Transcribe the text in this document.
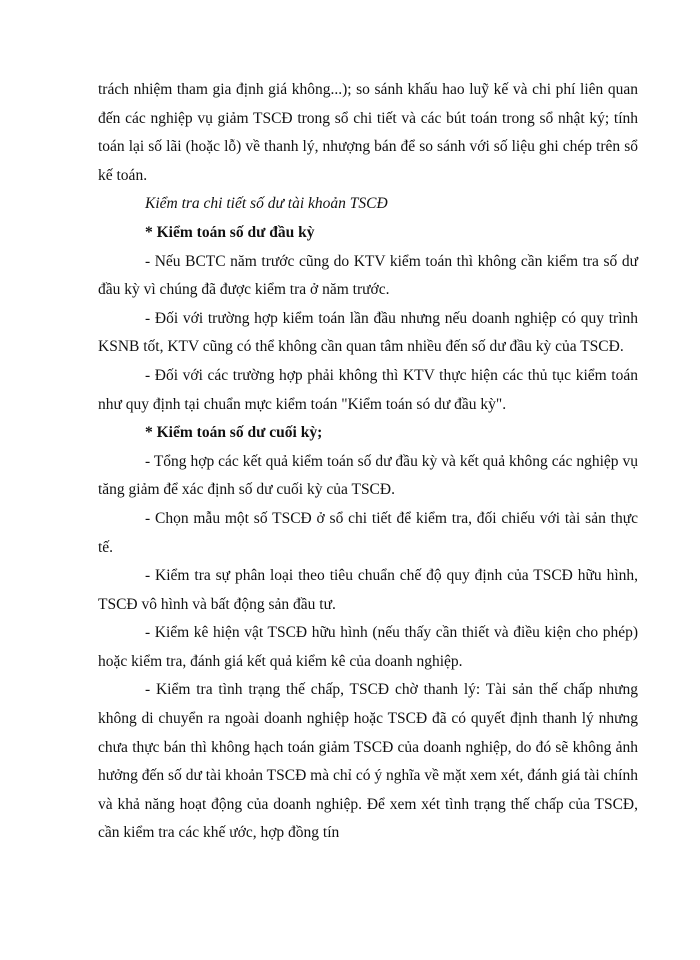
trách nhiệm tham gia định giá không...); so sánh khấu hao luỹ kế và chi phí liên quan đến các nghiệp vụ giảm TSCĐ trong sổ chi tiết và các bút toán trong sổ nhật ký; tính toán lại số lãi (hoặc lỗ) về thanh lý, nhượng bán để so sánh với số liệu ghi chép trên sổ kế toán.

Kiểm tra chi tiết số dư tài khoản TSCĐ

* Kiểm toán số dư đầu kỳ

- Nếu BCTC năm trước cũng do KTV kiểm toán thì không cần kiểm tra số dư đầu kỳ vì chúng đã được kiểm tra ở năm trước.

- Đối với trường hợp kiểm toán lần đầu nhưng nếu doanh nghiệp có quy trình KSNB tốt, KTV cũng có thể không cần quan tâm nhiều đến số dư đầu kỳ của TSCĐ.

- Đối với các trường hợp phải không thì KTV thực hiện các thủ tục kiểm toán như quy định tại chuẩn mực kiểm toán "Kiểm toán só dư đầu kỳ".

* Kiểm toán số dư cuối kỳ;

- Tổng hợp các kết quả kiểm toán số dư đầu kỳ và kết quả không các nghiệp vụ tăng giảm để xác định số dư cuối kỳ của TSCĐ.

- Chọn mẫu một số TSCĐ ở sổ chi tiết để kiểm tra, đối chiếu với tài sản thực tế.

- Kiểm tra sự phân loại theo tiêu chuẩn chế độ quy định của TSCĐ hữu hình, TSCĐ vô hình và bất động sản đầu tư.

- Kiểm kê hiện vật TSCĐ hữu hình (nếu thấy cần thiết và điều kiện cho phép) hoặc kiểm tra, đánh giá kết quả kiểm kê của doanh nghiệp.

- Kiểm tra tình trạng thế chấp, TSCĐ chờ thanh lý: Tài sản thế chấp nhưng không di chuyển ra ngoài doanh nghiệp hoặc TSCĐ đã có quyết định thanh lý nhưng chưa thực bán thì không hạch toán giảm TSCĐ của doanh nghiệp, do đó sẽ không ảnh hưởng đến số dư tài khoản TSCĐ mà chỉ có ý nghĩa về mặt xem xét, đánh giá tài chính và khả năng hoạt động của doanh nghiệp. Để xem xét tình trạng thế chấp của TSCĐ, cần kiểm tra các khế ước, hợp đồng tín
